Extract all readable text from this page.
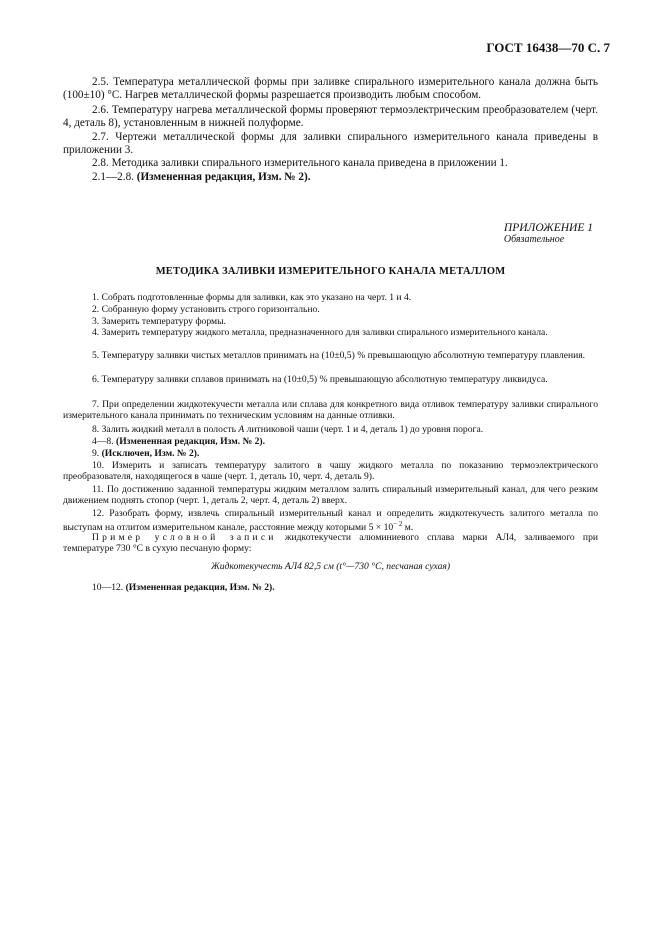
ГОСТ 16438—70 С. 7
2.5. Температура металлической формы при заливке спирального измерительного канала должна быть (100±10) °С. Нагрев металлической формы разрешается производить любым способом.
2.6. Температуру нагрева металлической формы проверяют термоэлектрическим преобразователем (черт. 4, деталь 8), установленным в нижней полуформе.
2.7. Чертежи металлической формы для заливки спирального измерительного канала приведены в приложении 3.
2.8. Методика заливки спирального измерительного канала приведена в приложении 1.
2.1—2.8. (Измененная редакция, Изм. № 2).
ПРИЛОЖЕНИЕ 1
Обязательное
МЕТОДИКА ЗАЛИВКИ ИЗМЕРИТЕЛЬНОГО КАНАЛА МЕТАЛЛОМ
1. Собрать подготовленные формы для заливки, как это указано на черт. 1 и 4.
2. Собранную форму установить строго горизонтально.
3. Замерить температуру формы.
4. Замерить температуру жидкого металла, предназначенного для заливки спирального измерительного канала.
5. Температуру заливки чистых металлов принимать на (10±0,5) % превышающую абсолютную температуру плавления.
6. Температуру заливки сплавов принимать на (10±0,5) % превышающую абсолютную температуру ликвидуса.
7. При определении жидкотекучести металла или сплава для конкретного вида отливок температуру заливки спирального измерительного канала принимать по техническим условиям на данные отливки.
8. Залить жидкий металл в полость А литниковой чаши (черт. 1 и 4, деталь 1) до уровня порога.
4—8. (Измененная редакция, Изм. № 2).
9. (Исключен, Изм. № 2).
10. Измерить и записать температуру залитого в чашу жидкого металла по показанию термоэлектрического преобразователя, находящегося в чаше (черт. 1, деталь 10, черт. 4, деталь 9).
11. По достижению заданной температуры жидким металлом залить спиральный измерительный канал, для чего резким движением поднять стопор (черт. 1, деталь 2, черт. 4, деталь 2) вверх.
12. Разобрать форму, извлечь спиральный измерительный канал и определить жидкотекучесть залитого металла по выступам на отлитом измерительном канале, расстояние между которыми $5 \times 10^{- 2}$ м.
Пример условной записи жидкотекучести алюминиевого сплава марки АЛ4, заливаемого при температуре 730 °С в сухую песчаную форму:
Жидкотекучесть АЛ4 82,5 см (t°—730 °С, песчаная сухая)
10—12. (Измененная редакция, Изм. № 2).
